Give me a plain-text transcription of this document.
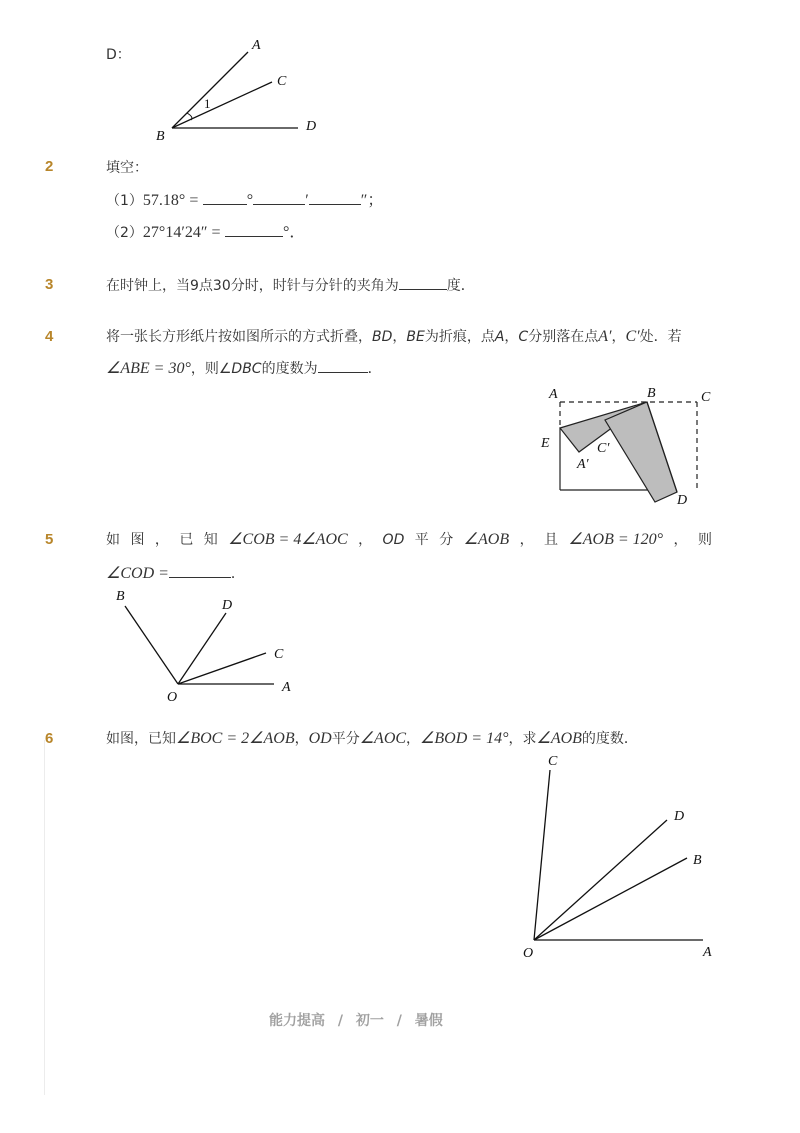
D：
A
C
B
D
1
2	填空：
（1）57.18° =	°	′	″；
（2）27°14′24″ =	°．
3	在时钟上，当9点30分时，时针与分针的夹角为	度．
4	将一张长方形纸片按如图所示的方式折叠，BD，BE为折痕，点A，C分别落在点A′，C′处．若
∠ABE = 30°，则∠DBC的度数为	．
A	B	C
E
A′
C′
D
5	如 图 ， 已 知 ∠COB = 4∠AOC ， OD 平 分 ∠AOB ， 且 ∠AOB = 120° ， 则
∠COD =	．
B
D
C
O
A
6	如图，已知∠BOC = 2∠AOB，OD平分∠AOC，∠BOD = 14°，求∠AOB的度数．
C
D
B
O	A
能力提高 / 初一 / 暑假
